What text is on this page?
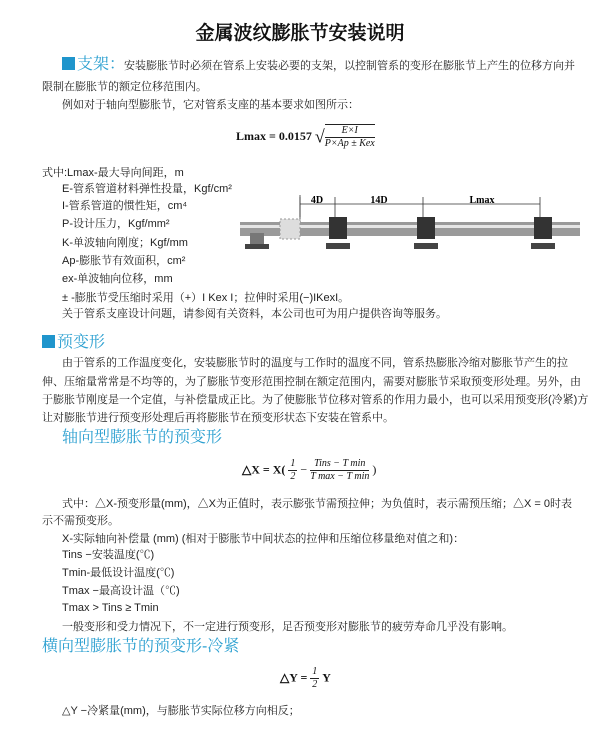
金属波纹膨胀节安装说明
支架：
安装膨胀节时必须在管系上安装必要的支架，以控制管系的变形在膨胀节上产生的位移方向并
限制在膨胀节的额定位移范围内。
例如对于轴向型膨胀节，它对管系支座的基本要求如图所示：
Lmax = 0.0157 √ $\frac{E\times I}{\text{P×Ap ± Kex}}$
式中:Lmax-最大导向间距，m
E-管系管道材料弹性投量，Kgf/cm²
I-管系管道的惯性矩，cm⁴
P-设计压力，Kgf/mm²
K-单波轴向刚度；Kgf/mm
Ap-膨胀节有效面积，cm²
ex-单波轴向位移，mm
± -膨胀节受压缩时采用（+）I Kex I；拉伸时采用(−)IKexI。
关于管系支座设计问题，请参阅有关资料，本公司也可为用户提供咨询等服务。
4D	14D	Lmax
预变形
由于管系的工作温度变化，安装膨胀节时的温度与工作时的温度不同，管系热膨胀冷缩对膨胀节产生的拉
伸、压缩量常常是不均等的，为了膨胀节变形范围控制在额定范围内，需要对膨胀节采取预变形处理。另外，由
于膨胀节刚度是一个定值，与补偿量成正比。为了使膨胀节位移对管系的作用力最小，也可以采用预变形(冷紧)方
让对膨胀节进行预变形处理后再将膨胀节在预变形状态下安装在管系中。
轴向型膨胀节的预变形
△X = $X( \frac{1}{2} - \frac{\text{Tins − T min}}{\text{T max − T min}}$ )
式中：△X-预变形量(mm)，△X为正值时，表示膨张节需预拉伸；为负值时，表示需预压缩；△X = 0时表
示不需预变形。
X-实际轴向补偿量 (mm) (相对于膨胀节中间状态的拉伸和压缩位移量绝对值之和)：
Tins −安装温度(℃)
Tmin-最低设计温度(℃)
Tmax −最高设计温（℃)
Tmax > Tins ≥ Tmin
一般变形和受力情况下，不一定进行预变形，足否预变形对膨胀节的疲劳寿命几乎没有影响。
横向型膨胀节的预变形-冷紧
△Y = $\frac{1}{2}$ Y
△Y −冷紧量(mm)，与膨胀节实际位移方向相反；
